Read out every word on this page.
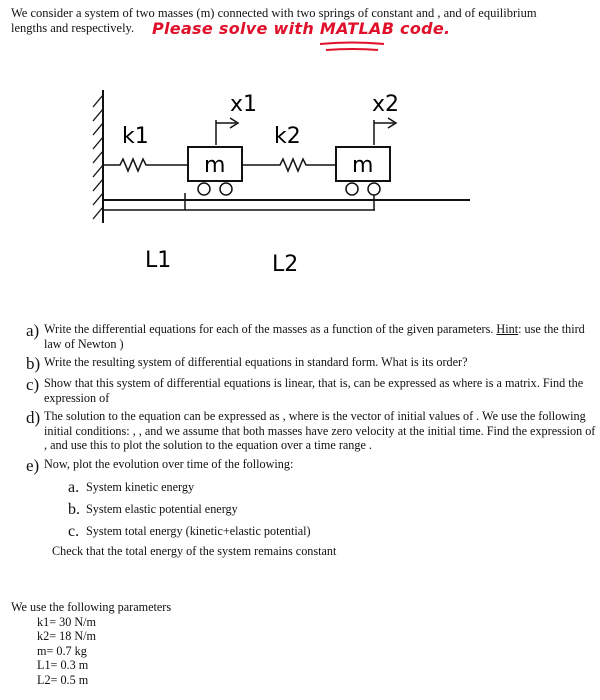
We consider a system of two masses (m) connected with two springs of constant and , and of equilibrium
lengths and respectively.	Please solve with MATLAB code.
k1
m
x1
k2
m
x2
L1	L2
a) Write the differential equations for each of the masses as a function of the given parameters. Hint: use the third law of Newton )
b) Write the resulting system of differential equations in standard form. What is its order?
c) Show that this system of differential equations is linear, that is, can be expressed as where is a matrix. Find the expression of
d) The solution to the equation can be expressed as , where is the vector of initial values of . We use the following initial conditions: , , and we assume that both masses have zero velocity at the initial time. Find the expression of , and use this to plot the solution to the equation over a time range .
e) Now, plot the evolution over time of the following:
a. System kinetic energy
b. System elastic potential energy
c. System total energy (kinetic+elastic potential)
Check that the total energy of the system remains constant
We use the following parameters
k1= 30 N/m
k2= 18 N/m
m= 0.7 kg
L1= 0.3 m
L2= 0.5 m
